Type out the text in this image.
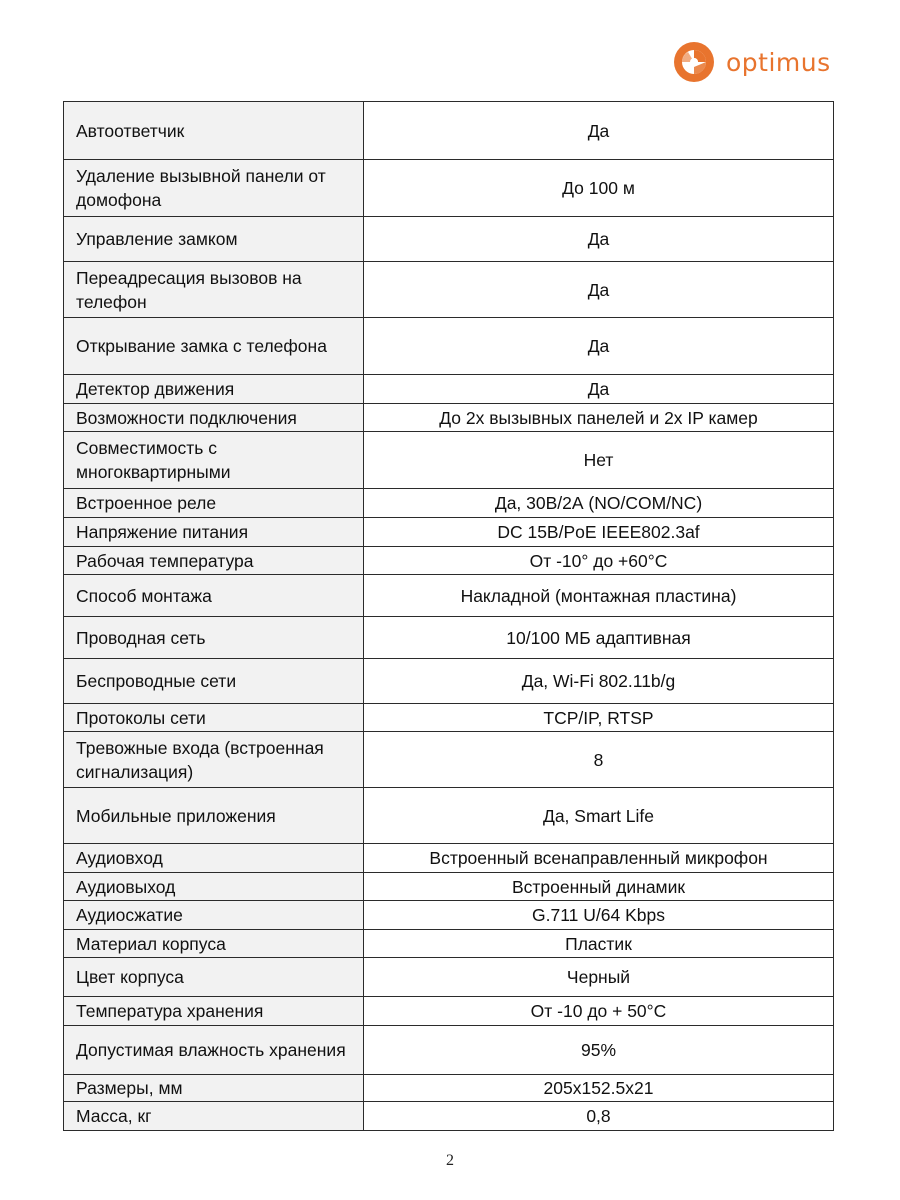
optimus
Автоответчик	Да
Удаление вызывной панели от домофона	До 100 м
Управление замком	Да
Переадресация вызовов на телефон	Да
Открывание замка с телефона	Да
Детектор движения	Да
Возможности подключения	До 2х вызывных панелей и 2х IP камер
Совместимость с многоквартирными	Нет
Встроенное реле	Да, 30В/2А (NO/COM/NC)
Напряжение питания	DC 15В/PoE IEEE802.3af
Рабочая температура	От -10° до +60°C
Способ монтажа	Накладной (монтажная пластина)
Проводная сеть	10/100 МБ адаптивная
Беспроводные сети	Да, Wi-Fi 802.11b/g
Протоколы сети	TCP/IP, RTSP
Тревожные входа (встроенная сигнализация)	8
Мобильные приложения	Да, Smart Life
Аудиовход	Встроенный всенаправленный микрофон
Аудиовыход	Встроенный динамик
Аудиосжатие	G.711 U/64 Kbps
Материал корпуса	Пластик
Цвет корпуса	Черный
Температура хранения	От -10 до + 50°C
Допустимая влажность хранения	95%
Размеры, мм	205x152.5x21
Масса, кг	0,8
2
